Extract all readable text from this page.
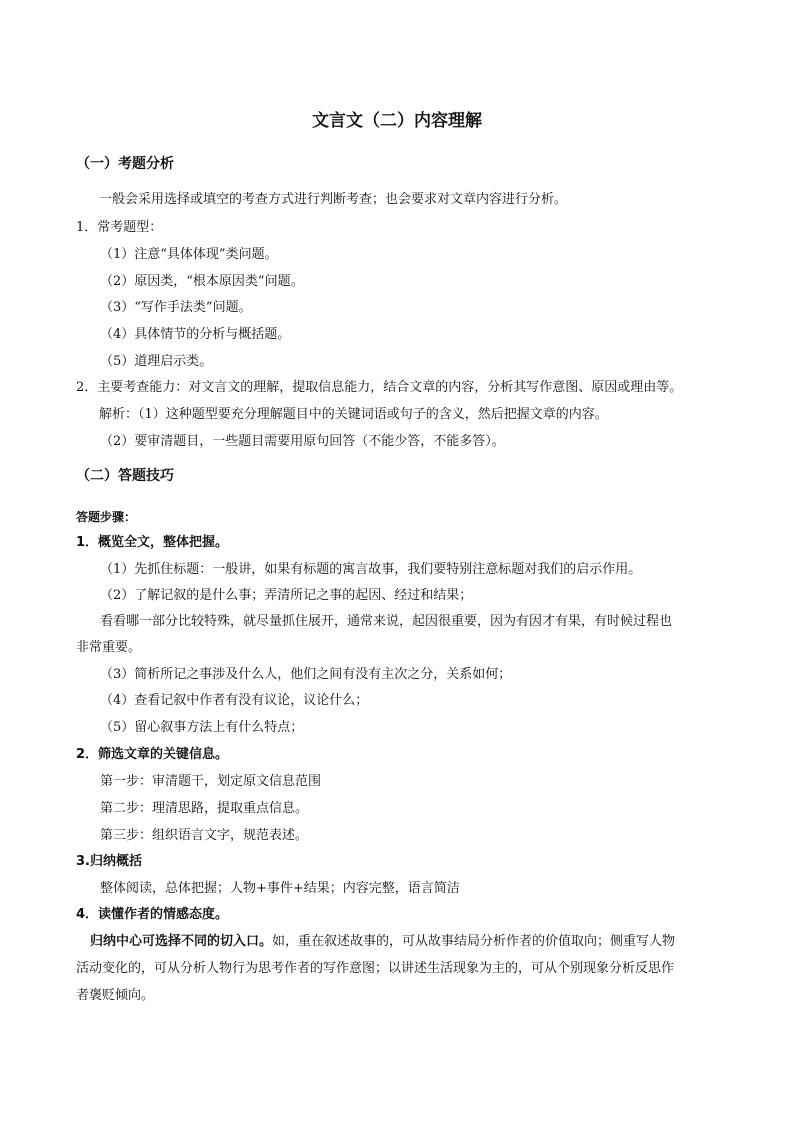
文言文（二）内容理解
（一）考题分析
一般会采用选择或填空的考查方式进行判断考查；也会要求对文章内容进行分析。
1．常考题型：
（1）注意“具体体现”类问题。
（2）原因类，“根本原因类”问题。
（3）“写作手法类”问题。
（4）具体情节的分析与概括题。
（5）道理启示类。
2．主要考查能力：对文言文的理解，提取信息能力，结合文章的内容，分析其写作意图、原因或理由等。
解析：（1）这种题型要充分理解题目中的关键词语或句子的含义，然后把握文章的内容。
（2）要审清题目，一些题目需要用原句回答（不能少答，不能多答）。
（二）答题技巧
答题步骤：
1．概览全文，整体把握。
（1）先抓住标题：一般讲，如果有标题的寓言故事，我们要特别注意标题对我们的启示作用。
（2）了解记叙的是什么事；弄清所记之事的起因、经过和结果；
看看哪一部分比较特殊，就尽量抓住展开，通常来说，起因很重要，因为有因才有果，有时候过程也
非常重要。
（3）简析所记之事涉及什么人，他们之间有没有主次之分，关系如何；
（4）查看记叙中作者有没有议论，议论什么；
（5）留心叙事方法上有什么特点；
2．筛选文章的关键信息。
第一步：审清题干，划定原文信息范围
第二步：理清思路，提取重点信息。
第三步：组织语言文字，规范表述。
3.归纳概括
整体阅读，总体把握；人物+事件+结果；内容完整，语言简洁
4．读懂作者的情感态度。
归纳中心可选择不同的切入口。如，重在叙述故事的，可从故事结局分析作者的价值取向；侧重写人物
活动变化的，可从分析人物行为思考作者的写作意图；以讲述生活现象为主的，可从个别现象分析反思作
者褒贬倾向。
